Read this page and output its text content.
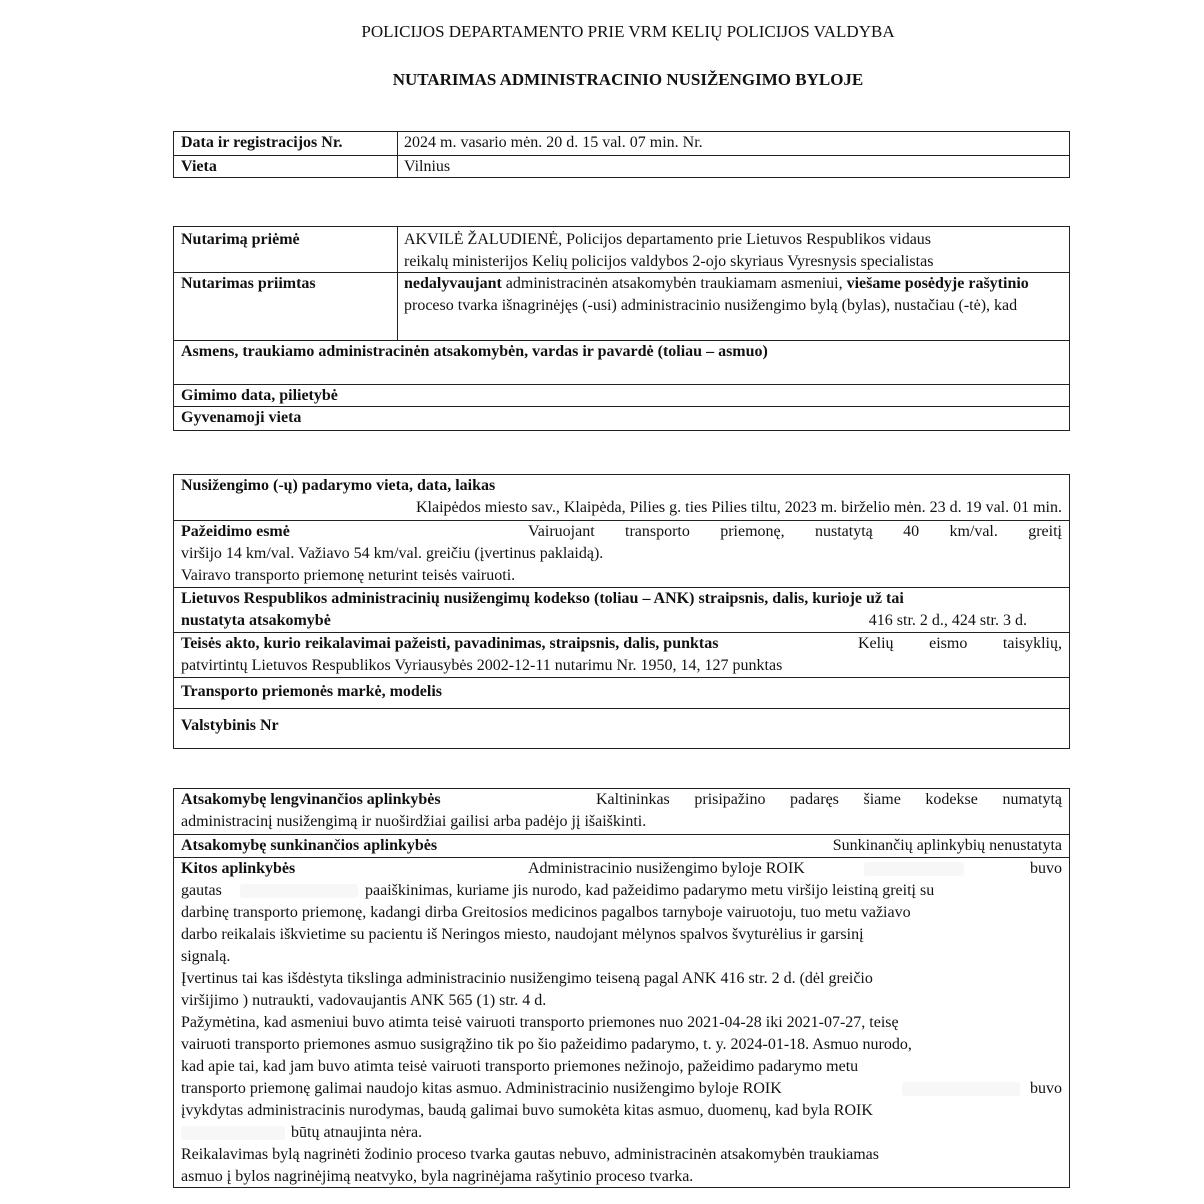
POLICIJOS DEPARTAMENTO PRIE VRM KELIŲ POLICIJOS VALDYBA
NUTARIMAS ADMINISTRACINIO NUSIŽENGIMO BYLOJE
Data ir registracijos Nr.	2024 m. vasario mėn. 20 d. 15 val. 07 min. Nr.
Vieta	Vilnius
Nutarimą priėmė	AKVILĖ ŽALUDIENĖ, Policijos departamento prie Lietuvos Respublikos vidaus
reikalų ministerijos Kelių policijos valdybos 2-ojo skyriaus Vyresnysis specialistas
Nutarimas priimtas	nedalyvaujant administracinėn atsakomybėn traukiamam asmeniui, viešame posėdyje rašytinio proceso tvarka išnagrinėjęs (-usi) administracinio nusižengimo bylą (bylas), nustačiau (-tė), kad
Asmens, traukiamo administracinėn atsakomybėn, vardas ir pavardė (toliau – asmuo)
Gimimo data, pilietybė
Gyvenamoji vieta
Nusižengimo (-ų) padarymo vieta, data, laikas
Klaipėdos miesto sav., Klaipėda, Pilies g. ties Pilies tiltu, 2023 m. birželio mėn. 23 d. 19 val. 01 min.
Pažeidimo esmė	Vairuojant transporto priemonę, nustatytą 40 km/val. greitį
viršijo 14 km/val. Važiavo 54 km/val. greičiu (įvertinus paklaidą).
Vairavo transporto priemonę neturint teisės vairuoti.
Lietuvos Respublikos administracinių nusižengimų kodekso (toliau – ANK) straipsnis, dalis, kurioje už tai
nustatyta atsakomybė	416 str. 2 d., 424 str. 3 d.
Teisės akto, kurio reikalavimai pažeisti, pavadinimas, straipsnis, dalis, punktas	Kelių eismo taisyklių,
patvirtintų Lietuvos Respublikos Vyriausybės 2002-12-11 nutarimu Nr. 1950, 14, 127 punktas
Transporto priemonės markė, modelis
Valstybinis Nr
Atsakomybę lengvinančios aplinkybės	Kaltininkas prisipažino padaręs šiame kodekse numatytą
administracinį nusižengimą ir nuoširdžiai gailisi arba padėjo jį išaiškinti.
Atsakomybę sunkinančios aplinkybės	Sunkinančių aplinkybių nenustatyta
Kitos aplinkybės	Administracinio nusižengimo byloje ROIK	buvo
gautas	paaiškinimas, kuriame jis nurodo, kad pažeidimo padarymo metu viršijo leistiną greitį su
darbinę transporto priemonę, kadangi dirba Greitosios medicinos pagalbos tarnyboje vairuotoju, tuo metu važiavo
darbo reikalais iškvietime su pacientu iš Neringos miesto, naudojant mėlynos spalvos švyturėlius ir garsinį
signalą.
Įvertinus tai kas išdėstyta tikslinga administracinio nusižengimo teiseną pagal ANK 416 str. 2 d. (dėl greičio
viršijimo ) nutraukti, vadovaujantis ANK 565 (1) str. 4 d.
Pažymėtina, kad asmeniui buvo atimta teisė vairuoti transporto priemones nuo 2021-04-28 iki 2021-07-27, teisę
vairuoti transporto priemones asmuo susigrąžino tik po šio pažeidimo padarymo, t. y. 2024-01-18. Asmuo nurodo,
kad apie tai, kad jam buvo atimta teisė vairuoti transporto priemones nežinojo, pažeidimo padarymo metu
transporto priemonę galimai naudojo kitas asmuo. Administracinio nusižengimo byloje ROIK	buvo
įvykdytas administracinis nurodymas, baudą galimai buvo sumokėta kitas asmuo, duomenų, kad byla ROIK
būtų atnaujinta nėra.
Reikalavimas bylą nagrinėti žodinio proceso tvarka gautas nebuvo, administracinėn atsakomybėn traukiamas
asmuo į bylos nagrinėjimą neatvyko, byla nagrinėjama rašytinio proceso tvarka.
